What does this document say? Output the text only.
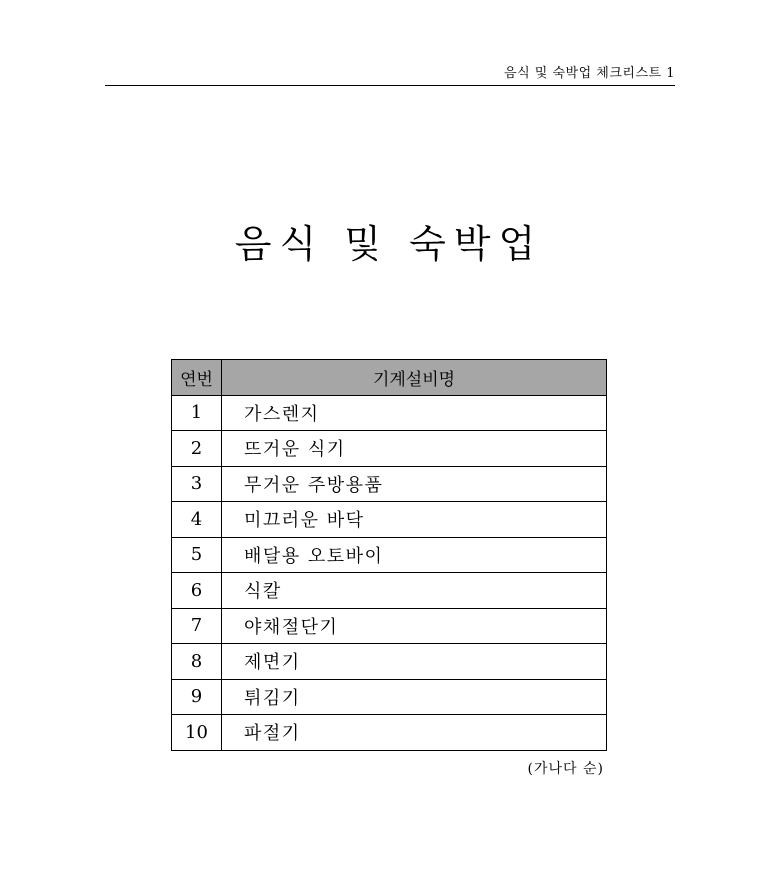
음식 및 숙박업 체크리스트 1
음식 및 숙박업
연번	기계설비명
1	가스렌지
2	뜨거운 식기
3	무거운 주방용품
4	미끄러운 바닥
5	배달용 오토바이
6	식칼
7	야채절단기
8	제면기
9	튀김기
10	파절기
(가나다 순)
